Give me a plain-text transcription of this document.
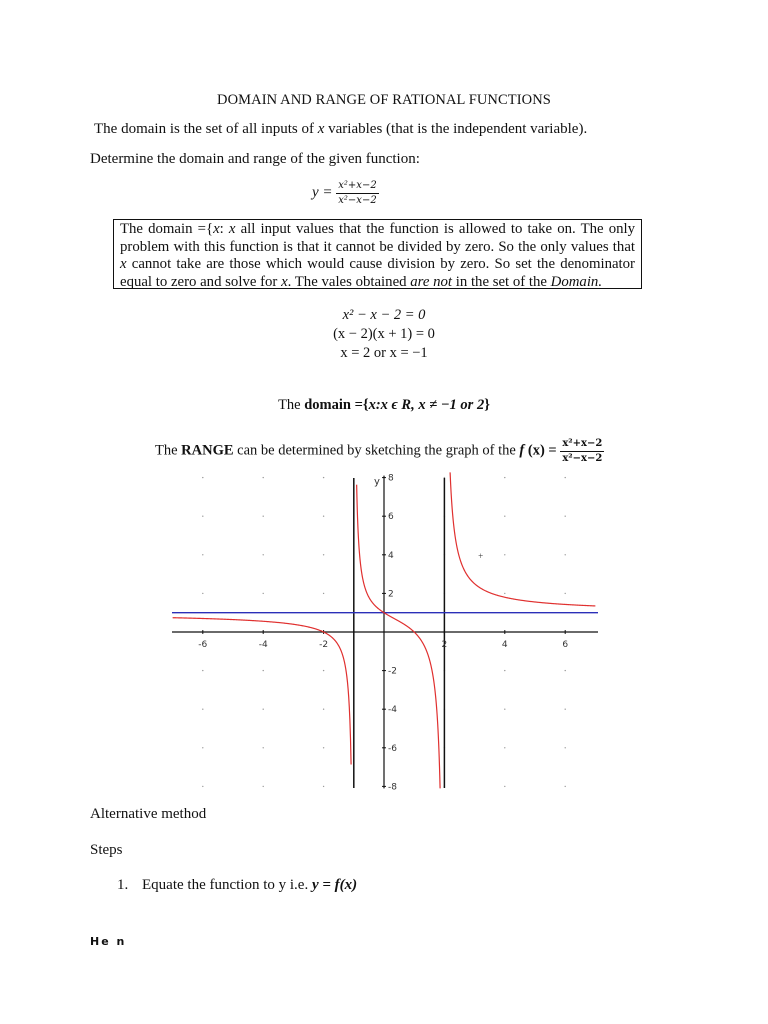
DOMAIN AND RANGE OF RATIONAL FUNCTIONS
The domain is the set of all inputs of x variables (that is the independent variable).
Determine the domain and range of the given function:
$y = \frac{\text{x²+x−2}}{\text{x²−x−2}}$
The domain ={x: x all input values that the function is allowed to take on. The only problem with this function is that it cannot be divided by zero. So the only values that x cannot take are those which would cause division by zero. So set the denominator equal to zero and solve for x. The vales obtained are not in the set of the Domain.
x² − x − 2 = 0
(x − 2)(x + 1) = 0
x = 2 or x = −1
The domain ={x:x ϵ R, x ≠ −1 or 2}
The RANGE can be determined by sketching the graph of the f $(x) = \frac{\text{x²+x−2}}{\text{x²−x−2}}$
-6	-4	-2	2	4	6
8
6
4
2
-2
-4
-6
-8
y
+
Alternative method
Steps
1. Equate the function to y i.e. y = f(x)
He n
